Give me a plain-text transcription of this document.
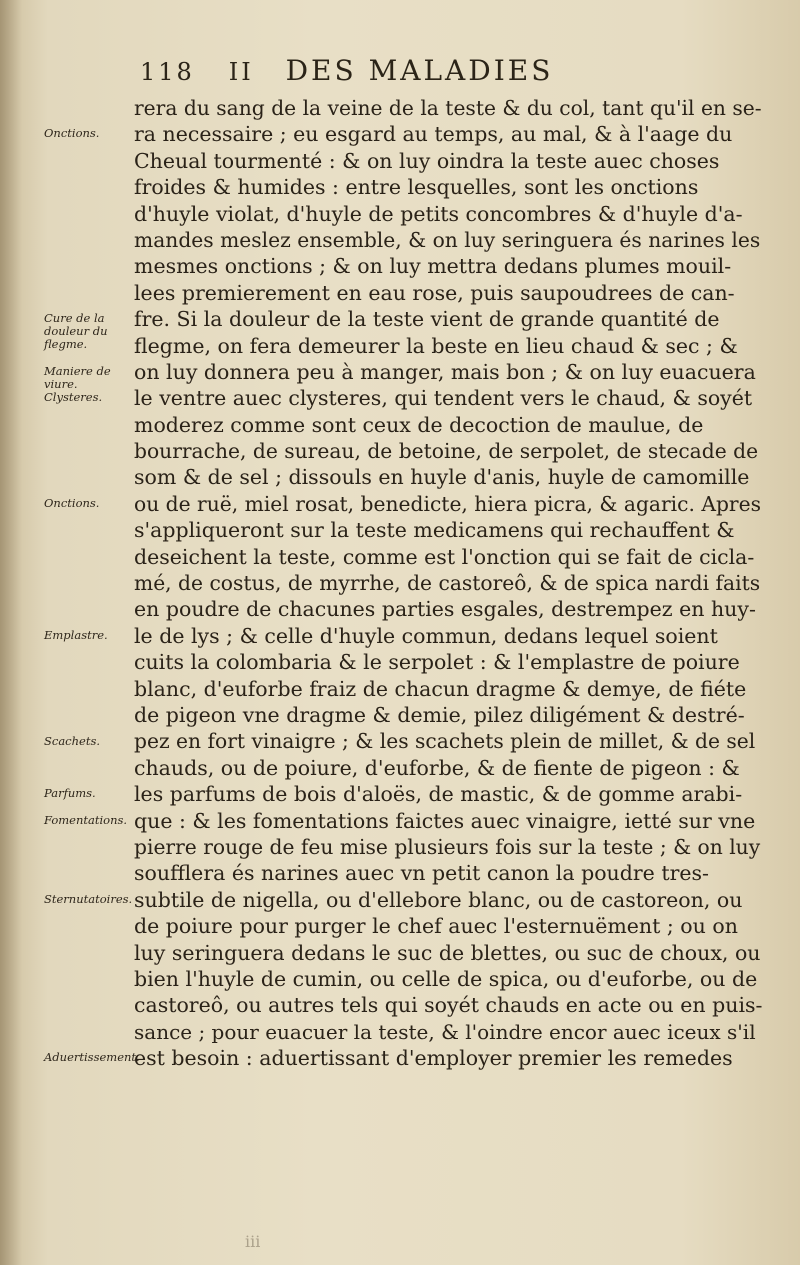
118 II DES MALADIES
rera du sang de la veine de la teste & du col, tant qu'il en se-
ra necessaire ; eu esgard au temps, au mal, & à l'aage du
Cheual tourmenté : & on luy oindra la teste auec choses
froides & humides : entre lesquelles, sont les onctions
d'huyle violat, d'huyle de petits concombres & d'huyle d'a-
mandes meslez ensemble, & on luy seringuera és narines les
mesmes onctions ; & on luy mettra dedans plumes mouil-
lees premierement en eau rose, puis saupoudrees de can-
fre. Si la douleur de la teste vient de grande quantité de
flegme, on fera demeurer la beste en lieu chaud & sec ; &
on luy donnera peu à manger, mais bon ; & on luy euacuera
le ventre auec clysteres, qui tendent vers le chaud, & soyét
moderez comme sont ceux de decoction de maulue, de
bourrache, de sureau, de betoine, de serpolet, de stecade de
som & de sel ; dissouls en huyle d'anis, huyle de camomille
ou de ruë, miel rosat, benedicte, hiera picra, & agaric. Apres
s'appliqueront sur la teste medicamens qui rechauffent &
deseichent la teste, comme est l'onction qui se fait de cicla-
mé, de costus, de myrrhe, de castoreô, & de spica nardi faits
en poudre de chacunes parties esgales, destrempez en huy-
le de lys ; & celle d'huyle commun, dedans lequel soient
cuits la colombaria & le serpolet : & l'emplastre de poiure
blanc, d'euforbe fraiz de chacun dragme & demye, de fiéte
de pigeon vne dragme & demie, pilez diligément & destré-
pez en fort vinaigre ; & les scachets plein de millet, & de sel
chauds, ou de poiure, d'euforbe, & de fiente de pigeon : &
les parfums de bois d'aloës, de mastic, & de gomme arabi-
que : & les fomentations faictes auec vinaigre, ietté sur vne
pierre rouge de feu mise plusieurs fois sur la teste ; & on luy
soufflera és narines auec vn petit canon la poudre tres-
subtile de nigella, ou d'ellebore blanc, ou de castoreon, ou
de poiure pour purger le chef auec l'esternuëment ; ou on
luy seringuera dedans le suc de blettes, ou suc de choux, ou
bien l'huyle de cumin, ou celle de spica, ou d'euforbe, ou de
castoreô, ou autres tels qui soyét chauds en acte ou en puis-
sance ; pour euacuer la teste, & l'oindre encor auec iceux s'il
est besoin : aduertissant d'employer premier les remedes
Onctions.
Cure de la douleur du flegme.
Maniere de viure.
Clysteres.
Onctions.
Emplastre.
Scachets.
Parfums.
Fomentations.
Sternutatoires.
Aduertissement.
iii
